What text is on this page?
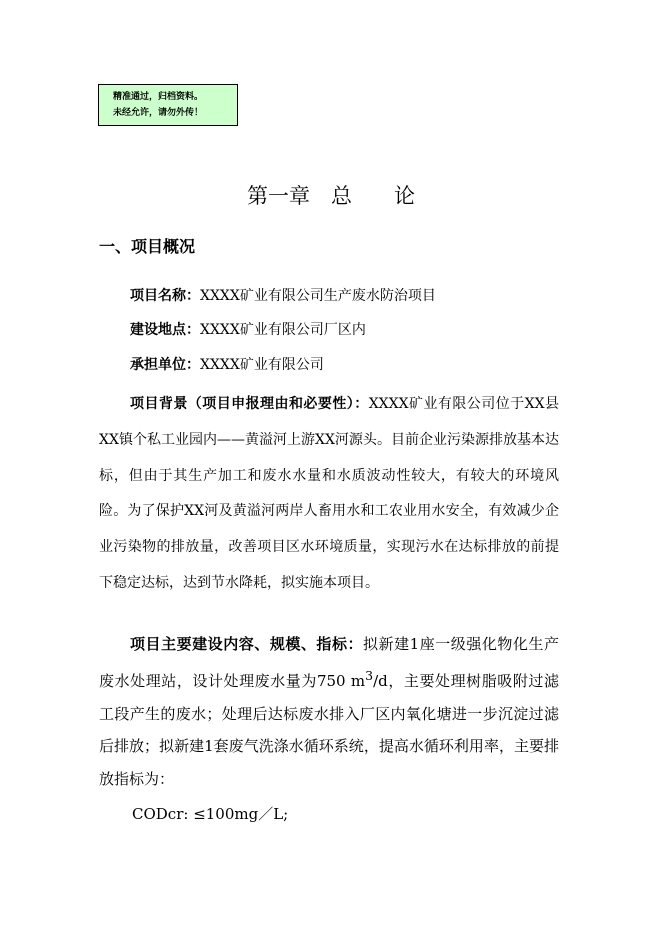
精准通过，归档资料。
未经允许，请勿外传！
第一章　总　　论
一、项目概况
项目名称：XXXX矿业有限公司生产废水防治项目
建设地点：XXXX矿业有限公司厂区内
承担单位：XXXX矿业有限公司
项目背景（项目申报理由和必要性）：XXXX矿业有限公司位于XX县XX镇个私工业园内——黄溢河上游XX河源头。目前企业污染源排放基本达标，但由于其生产加工和废水水量和水质波动性较大，有较大的环境风险。为了保护XX河及黄溢河两岸人畜用水和工农业用水安全，有效减少企业污染物的排放量，改善项目区水环境质量，实现污水在达标排放的前提下稳定达标，达到节水降耗，拟实施本项目。
项目主要建设内容、规模、指标：拟新建1座一级强化物化生产废水处理站，设计处理废水量为750 $m^3/d$，主要处理树脂吸附过滤工段产生的废水；处理后达标废水排入厂区内氧化塘进一步沉淀过滤后排放；拟新建1套废气洗涤水循环系统，提高水循环利用率，主要排放指标为：
CODcr: ≤100mg／L;
